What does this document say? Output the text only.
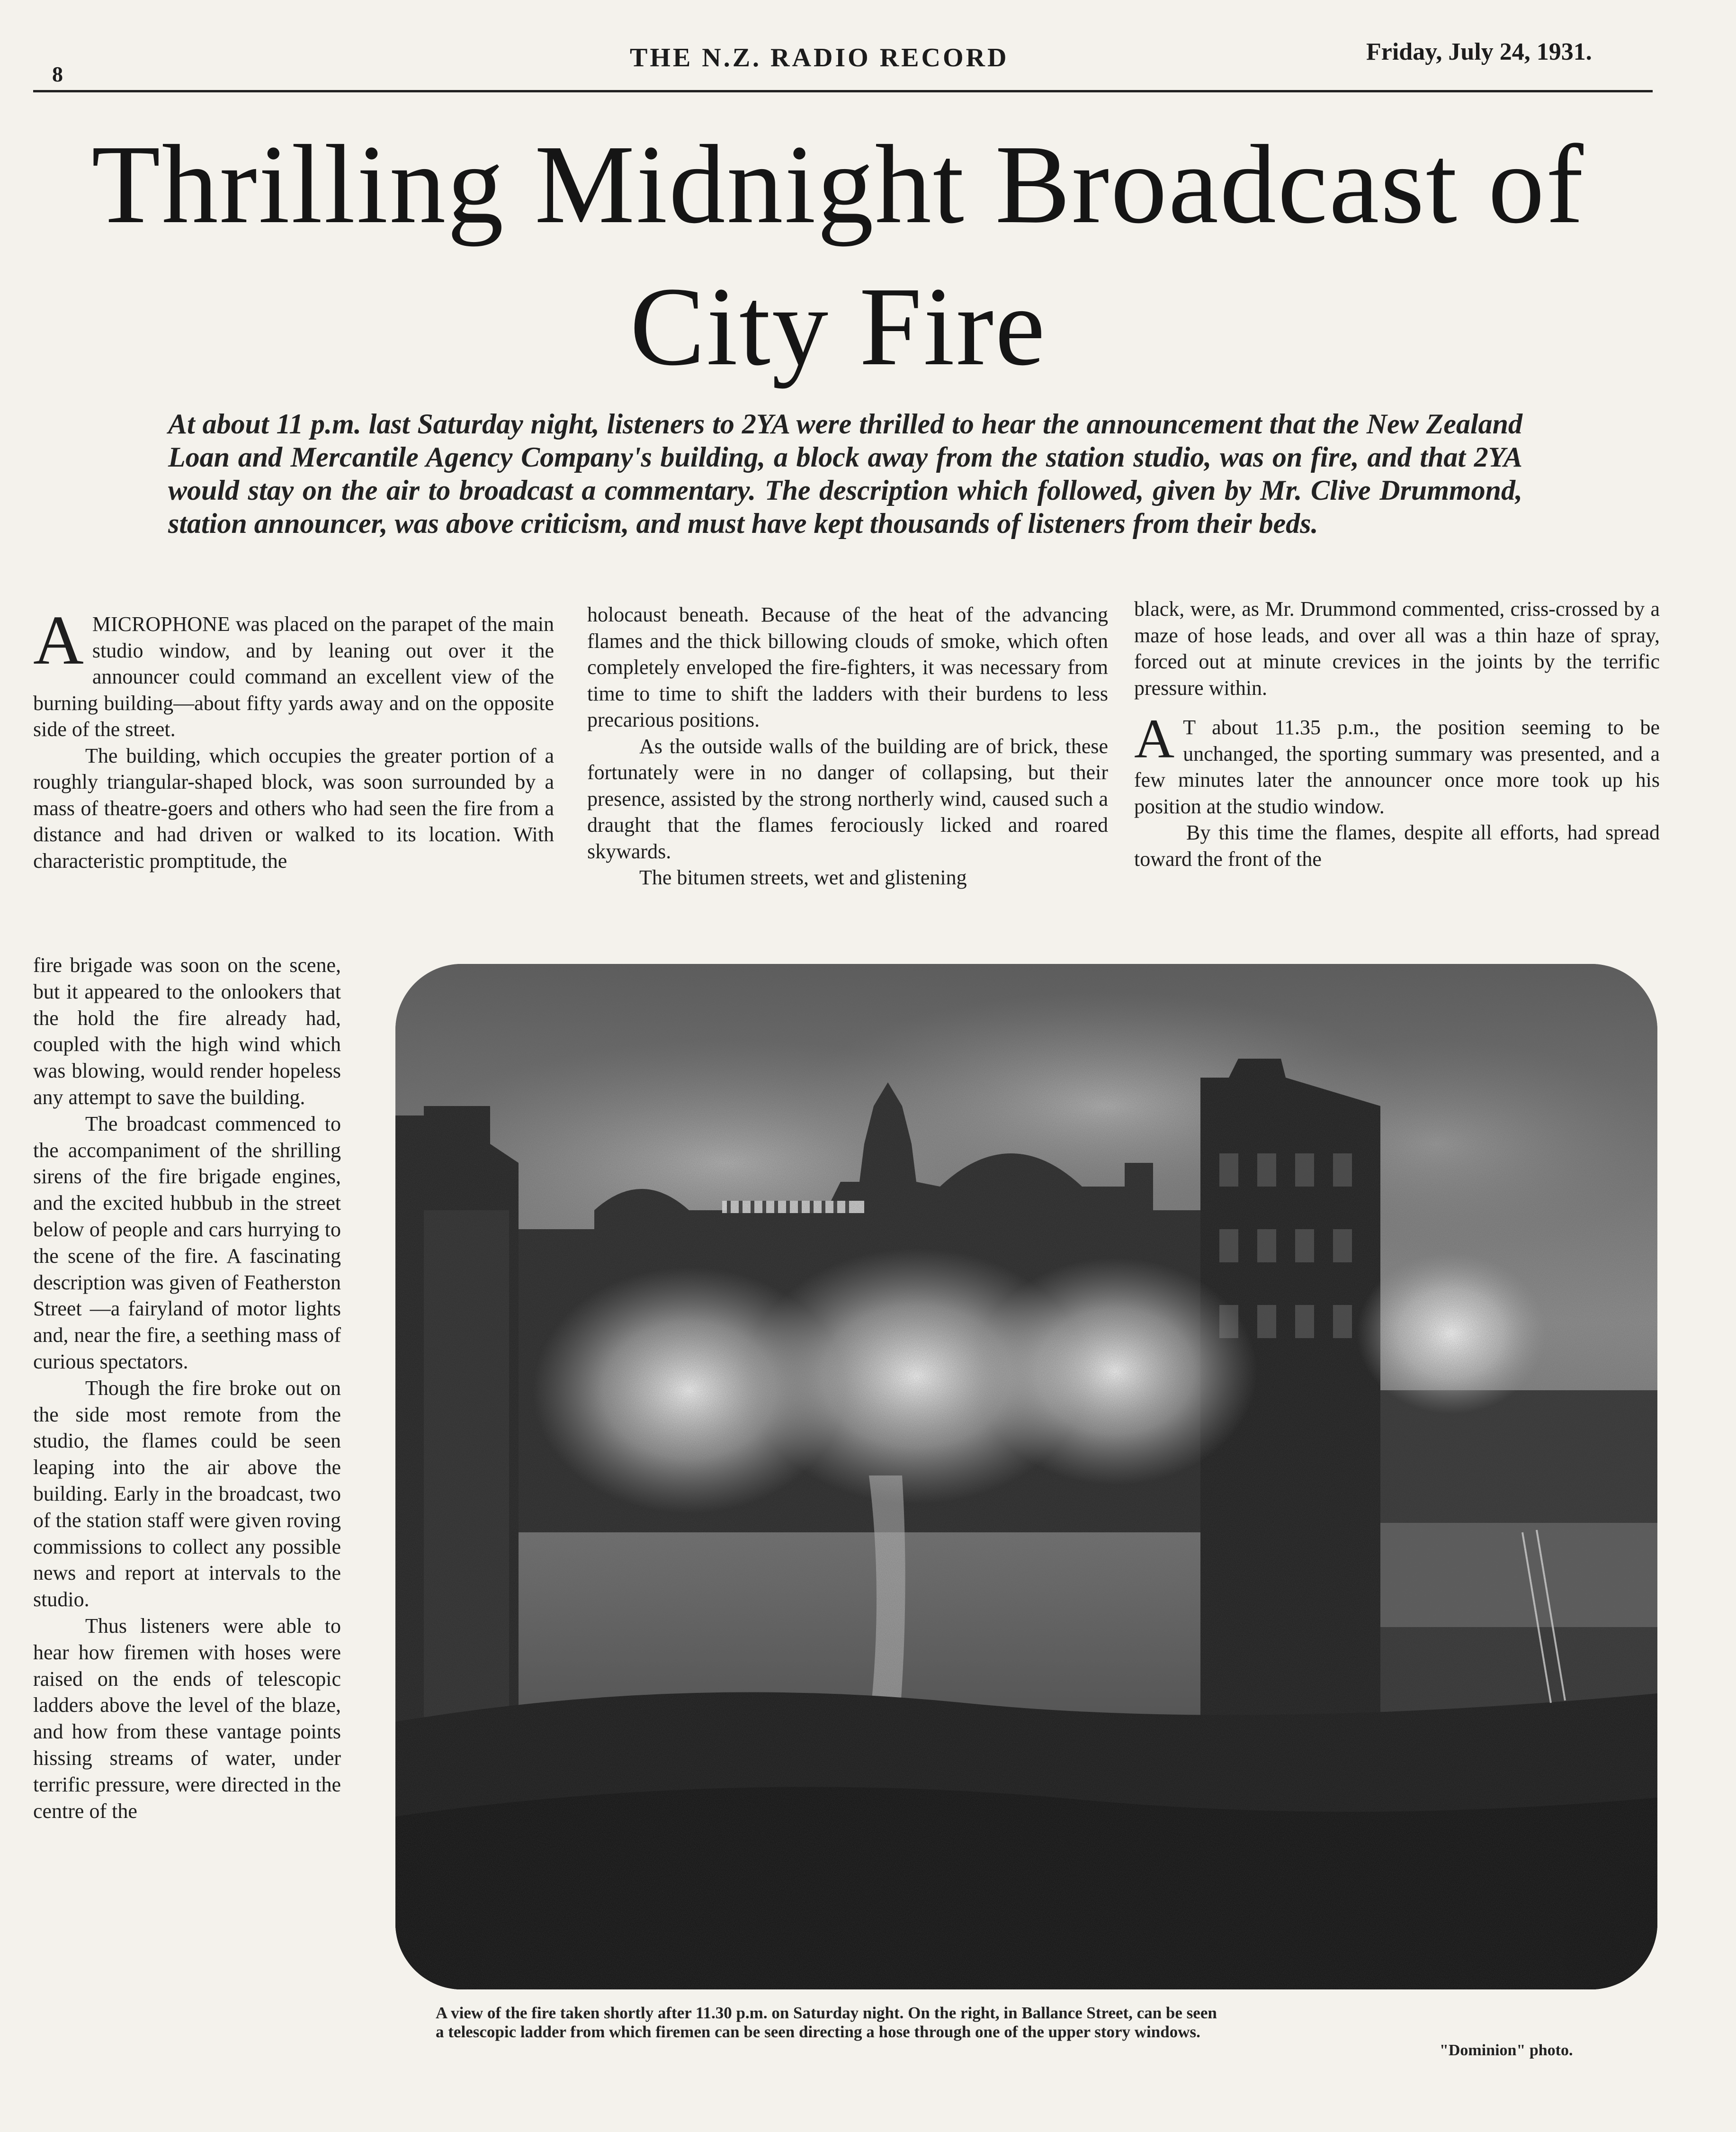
8
THE N.Z. RADIO RECORD	Friday, July 24, 1931.
Thrilling Midnight Broadcast of
City Fire
At about 11 p.m. last Saturday night, listeners to 2YA were thrilled to hear the announcement that the New Zealand Loan and Mercantile Agency Company's building, a block away from the station studio, was on fire, and that 2YA would stay on the air to broadcast a commentary. The description which followed, given by Mr. Clive Drummond, station announcer, was above criticism, and must have kept thousands of listeners from their beds.

AMICROPHONE was placed on the parapet of the main studio window, and by leaning out over it the announcer could command an excellent view of the burning building—about fifty yards away and on the opposite side of the street.

The building, which occupies the greater portion of a roughly triangular-shaped block, was soon surrounded by a mass of theatre-goers and others who had seen the fire from a distance and had driven or walked to its location. With characteristic promptitude, the

fire brigade was soon on the scene, but it appeared to the onlookers that the hold the fire already had, coupled with the high wind which was blowing, would render hopeless any attempt to save the building.

The broadcast commenced to the accompaniment of the shrilling sirens of the fire brigade engines, and the excited hubbub in the street below of people and cars hurrying to the scene of the fire. A fascinating description was given of Featherston Street —a fairyland of motor lights and, near the fire, a seething mass of curious spectators.

Though the fire broke out on the side most remote from the studio, the flames could be seen leaping into the air above the building. Early in the broadcast, two of the station staff were given roving commissions to collect any possible news and report at intervals to the studio.

Thus listeners were able to hear how firemen with hoses were raised on the ends of telescopic ladders above the level of the blaze, and how from these vantage points hissing streams of water, under terrific pressure, were directed in the centre of the

holocaust beneath. Because of the heat of the advancing flames and the thick billowing clouds of smoke, which often completely enveloped the fire-fighters, it was necessary from time to time to shift the ladders with their burdens to less precarious positions.

As the outside walls of the building are of brick, these fortunately were in no danger of collapsing, but their presence, assisted by the strong northerly wind, caused such a draught that the flames ferociously licked and roared skywards.

The bitumen streets, wet and glistening

black, were, as Mr. Drummond commented, criss-crossed by a maze of hose leads, and over all was a thin haze of spray, forced out at minute crevices in the joints by the terrific pressure within.

A T about 11.35 p.m., the position seeming to be unchanged, the sporting summary was presented, and a few minutes later the announcer once more took up his position at the studio window.

By this time the flames, despite all efforts, had spread toward the front of the

A view of the fire taken shortly after 11.30 p.m. on Saturday night. On the right, in Ballance Street, can be seen
a telescopic ladder from which firemen can be seen directing a hose through one of the upper story windows.
"Dominion" photo.
